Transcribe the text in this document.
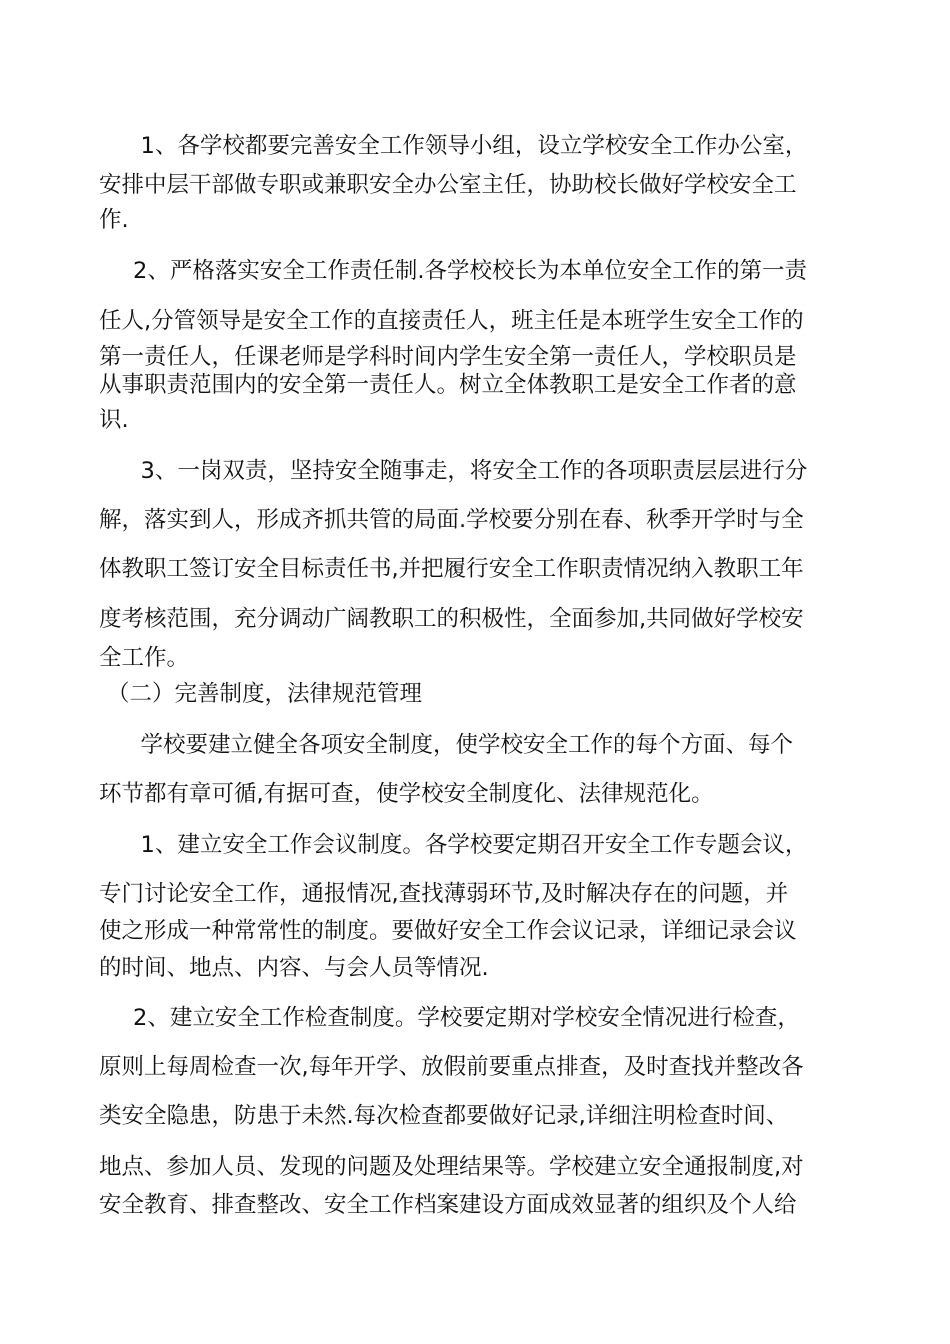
　1、各学校都要完善安全工作领导小组，设立学校安全工作办公室，
安排中层干部做专职或兼职安全办公室主任，协助校长做好学校安全工
作.
2、严格落实安全工作责任制.各学校校长为本单位安全工作的第一责
任人,分管领导是安全工作的直接责任人，班主任是本班学生安全工作的
第一责任人，任课老师是学科时间内学生安全第一责任人，学校职员是
从事职责范围内的安全第一责任人。树立全体教职工是安全工作者的意
识.
　3、一岗双责，坚持安全随事走，将安全工作的各项职责层层进行分
解，落实到人，形成齐抓共管的局面.学校要分别在春、秋季开学时与全
体教职工签订安全目标责任书,并把履行安全工作职责情况纳入教职工年
度考核范围，充分调动广阔教职工的积极性，全面参加,共同做好学校安
全工作。
（二）完善制度，法律规范管理
　学校要建立健全各项安全制度，使学校安全工作的每个方面、每个
环节都有章可循,有据可查，使学校安全制度化、法律规范化。
　1、建立安全工作会议制度。各学校要定期召开安全工作专题会议，
专门讨论安全工作，通报情况,查找薄弱环节,及时解决存在的问题，并
使之形成一种常常性的制度。要做好安全工作会议记录，详细记录会议
的时间、地点、内容、与会人员等情况.
2、建立安全工作检查制度。学校要定期对学校安全情况进行检查，
原则上每周检查一次,每年开学、放假前要重点排查，及时查找并整改各
类安全隐患，防患于未然.每次检查都要做好记录,详细注明检查时间、
地点、参加人员、发现的问题及处理结果等。学校建立安全通报制度,对
安全教育、排查整改、安全工作档案建设方面成效显著的组织及个人给
